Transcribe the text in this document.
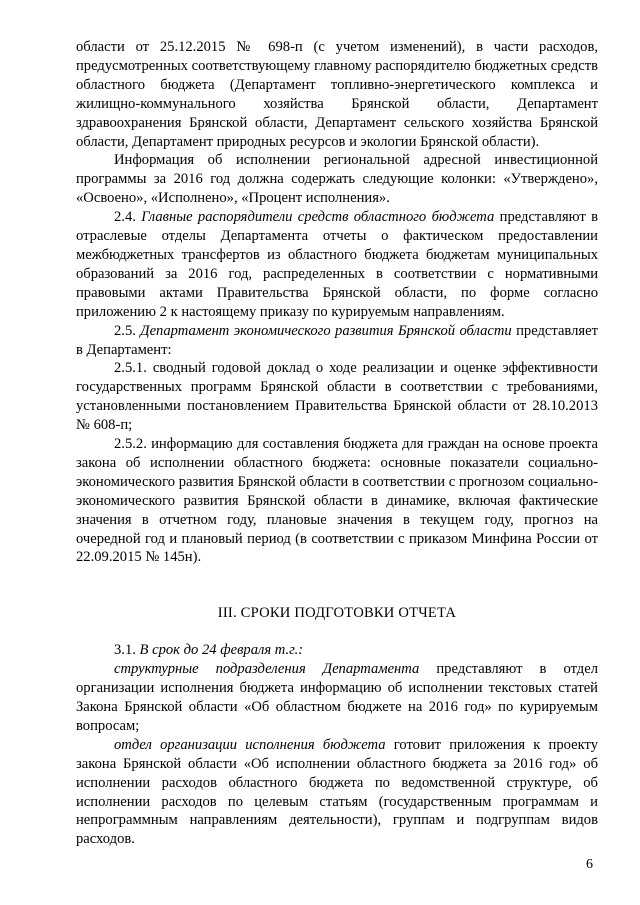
области от 25.12.2015 № 698-п (с учетом изменений), в части расходов, предусмотренных соответствующему главному распорядителю бюджетных средств областного бюджета (Департамент топливно-энергетического комплекса и жилищно-коммунального хозяйства Брянской области, Департамент здравоохранения Брянской области, Департамент сельского хозяйства Брянской области, Департамент природных ресурсов и экологии Брянской области).

Информация об исполнении региональной адресной инвестиционной программы за 2016 год должна содержать следующие колонки: «Утверждено», «Освоено», «Исполнено», «Процент исполнения».

2.4. Главные распорядители средств областного бюджета представляют в отраслевые отделы Департамента отчеты о фактическом предоставлении межбюджетных трансфертов из областного бюджета бюджетам муниципальных образований за 2016 год, распределенных в соответствии с нормативными правовыми актами Правительства Брянской области, по форме согласно приложению 2 к настоящему приказу по курируемым направлениям.

2.5. Департамент экономического развития Брянской области представляет в Департамент:

2.5.1. сводный годовой доклад о ходе реализации и оценке эффективности государственных программ Брянской области в соответствии с требованиями, установленными постановлением Правительства Брянской области от 28.10.2013 № 608-п;

2.5.2. информацию для составления бюджета для граждан на основе проекта закона об исполнении областного бюджета: основные показатели социально-экономического развития Брянской области в соответствии с прогнозом социально-экономического развития Брянской области в динамике, включая фактические значения в отчетном году, плановые значения в текущем году, прогноз на очередной год и плановый период (в соответствии с приказом Минфина России от 22.09.2015 № 145н).

III. СРОКИ ПОДГОТОВКИ ОТЧЕТА

3.1. В срок до 24 февраля т.г.:

структурные подразделения Департамента представляют в отдел организации исполнения бюджета информацию об исполнении текстовых статей Закона Брянской области «Об областном бюджете на 2016 год» по курируемым вопросам;

отдел организации исполнения бюджета готовит приложения к проекту закона Брянской области «Об исполнении областного бюджета за 2016 год» об исполнении расходов областного бюджета по ведомственной структуре, об исполнении расходов по целевым статьям (государственным программам и непрограммным направлениям деятельности), группам и подгруппам видов расходов.

6
